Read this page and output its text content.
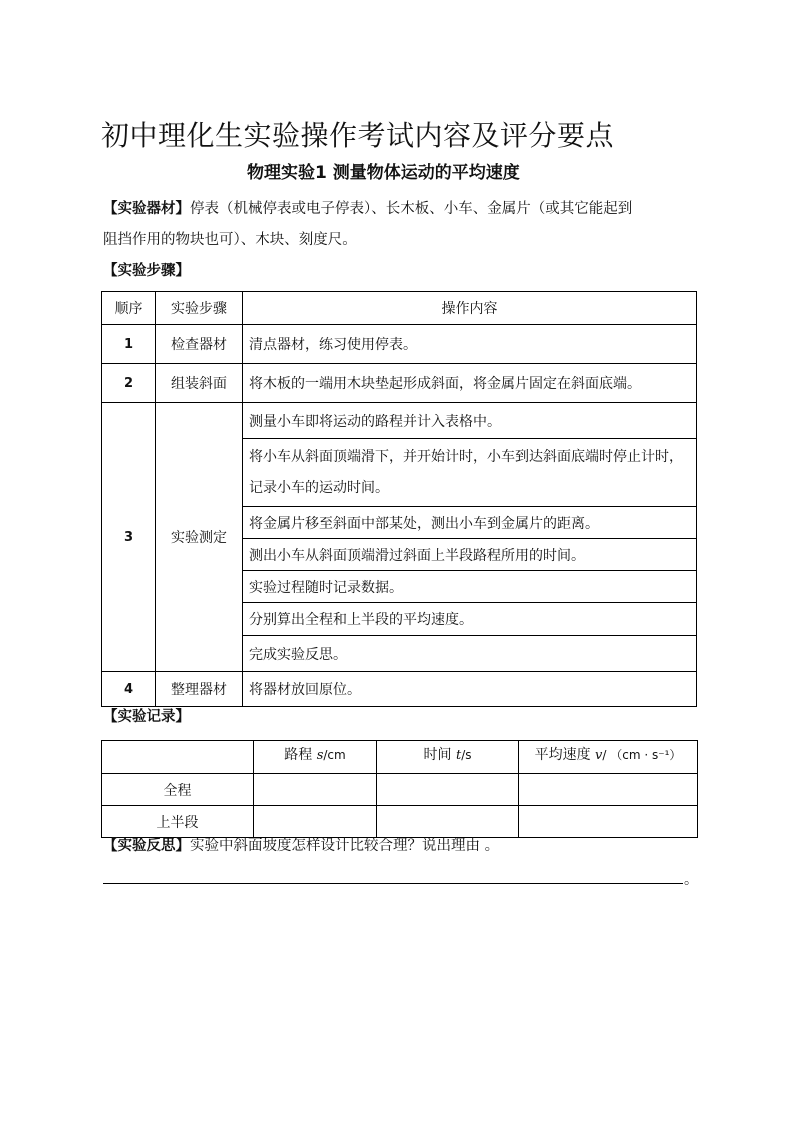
初中理化生实验操作考试内容及评分要点
物理实验1 测量物体运动的平均速度
【实验器材】停表（机械停表或电子停表）、长木板、小车、金属片（或其它能起到
阻挡作用的物块也可）、木块、刻度尺。
【实验步骤】
顺序	实验步骤	操作内容
1	检查器材	清点器材，练习使用停表。
2	组装斜面	将木板的一端用木块垫起形成斜面，将金属片固定在斜面底端。
3	实验测定	测量小车即将运动的路程并计入表格中。
		将小车从斜面顶端滑下，并开始计时，小车到达斜面底端时停止计时，记录小车的运动时间。
		将金属片移至斜面中部某处，测出小车到金属片的距离。
		测出小车从斜面顶端滑过斜面上半段路程所用的时间。
		实验过程随时记录数据。
		分别算出全程和上半段的平均速度。
		完成实验反思。
4	整理器材	将器材放回原位。
【实验记录】
	路程 s/cm	时间 t/s	平均速度 v/ （cm · s⁻¹）
全程			
上半段			
【实验反思】实验中斜面坡度怎样设计比较合理？说出理由 。
。
